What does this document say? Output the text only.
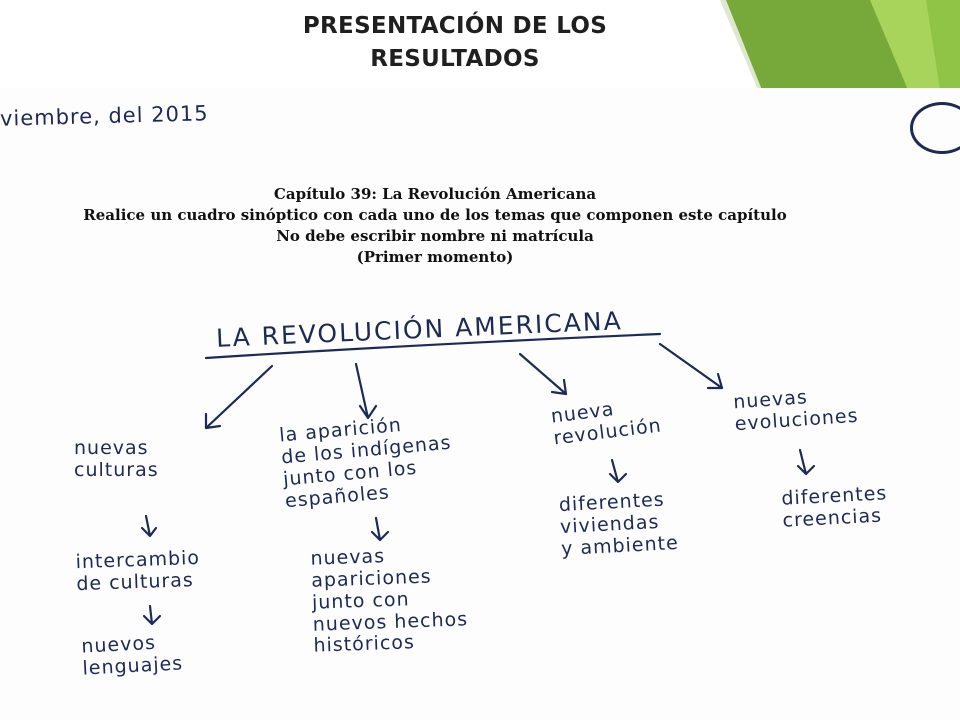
PRESENTACIÓN DE LOS
RESULTADOS
viembre, del 2015
Capítulo 39: La Revolución Americana
Realice un cuadro sinóptico con cada uno de los temas que componen este capítulo
No debe escribir nombre ni matrícula
(Primer momento)
LA REVOLUCIÓN AMERICANA
nuevas
culturas
la aparición
de los indígenas
junto con los
españoles
nueva
revolución
nuevas
evoluciones
intercambio
de culturas
nuevos
lenguajes
nuevas
apariciones
junto con
nuevos hechos
históricos
diferentes
viviendas
y ambiente
diferentes
creencias
